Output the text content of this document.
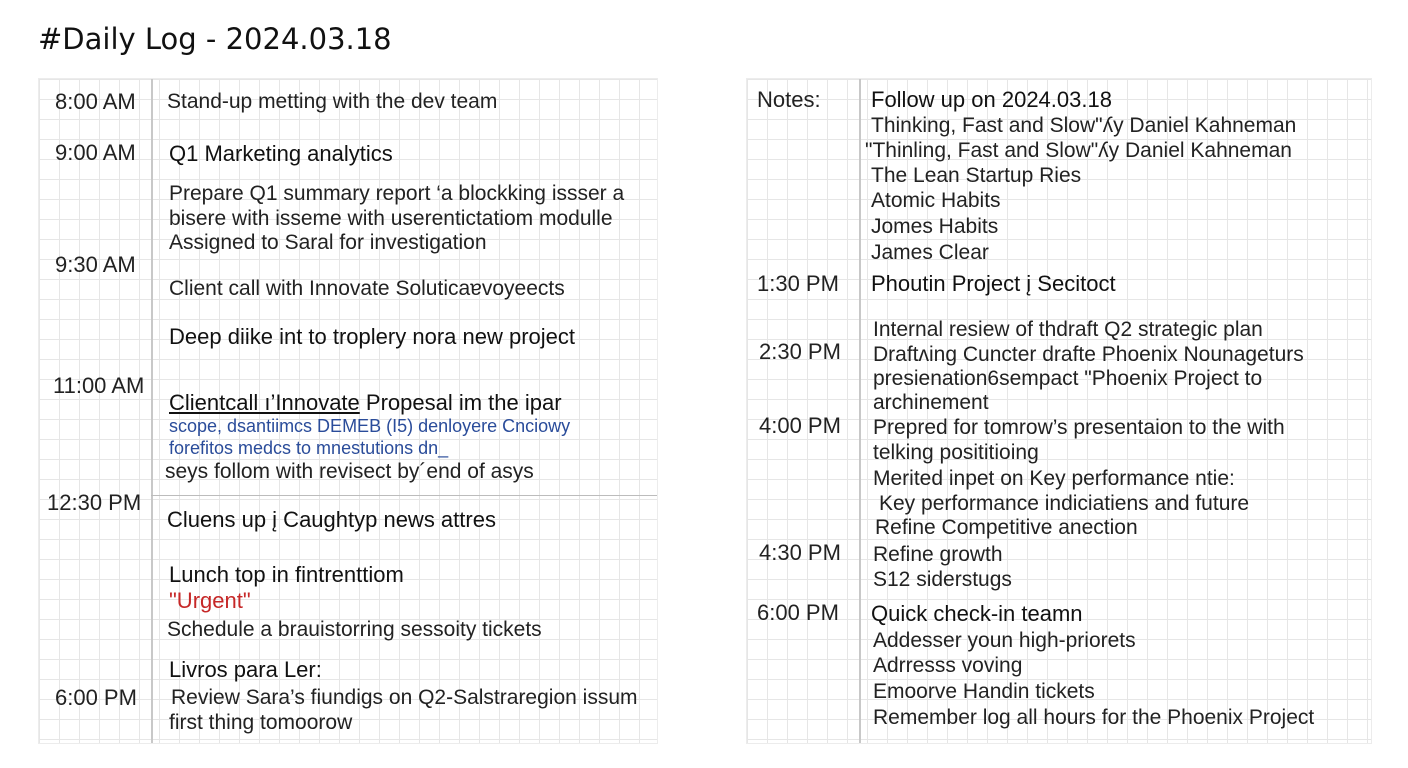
#Daily Log - 2024.03.18
8:00 AM
9:00 AM
9:30 AM
11:00 AM
12:30 PM
6:00 PM
Stand-up metting with the dev team
Q1 Marketing analytics
Prepare Q1 summary report ‘a blockking issser a
bisere with isseme with userentictatiom modulle
Assigned to Saral for investigation
Client call with Innovate Soluticaɐvoyeects
Deep diike int to troplery nora new project
Clientcall ı’Innovate Propesal im the ipar
scope, dsantiimcs DEMEB (I5) denloyere Cnciowy
forefitos medcs to mnestutions dn_
seys follom with revisect by´end of asys
Cluens up į Caughtyp news attres
Lunch top in fintrenttiom
"Urgent"
Schedule a brauistorring sessoity tickets
Livros para Ler:
Review Sara’s fiundigs on Q2-Salstraregion issum
first thing tomoorow
Notes:
1:30 PM
2:30 PM
4:00 PM
4:30 PM
6:00 PM
Follow up on 2024.03.18
Thinking, Fast and Slow"ʎy Daniel Kahneman
"Thinling, Fast and Slow"ʎy Daniel Kahneman
The Lean Startup Ries
Atomic Habits
Jomes Habits
James Clear
Phoutin Project į Secitoct
Internal resiew of thdraft Q2 strategic plan
Draftʌing Cuncter drafte Phoenix Nounageturs
presienation6sempact "Phoenix Project to
archinement
Prepred for tomrow’s presentaion to the with
telking posititioing
Merited inpet on Key performance ntie:
Key performance indiciatiens and future
Refine Competitive anection
Refine growth
S12 siderstugs
Quick check-in teamn
Addesser youn high-priorets
Adrresss voving
Emoorve Handin tickets
Remember log all hours for the Phoenix Project
